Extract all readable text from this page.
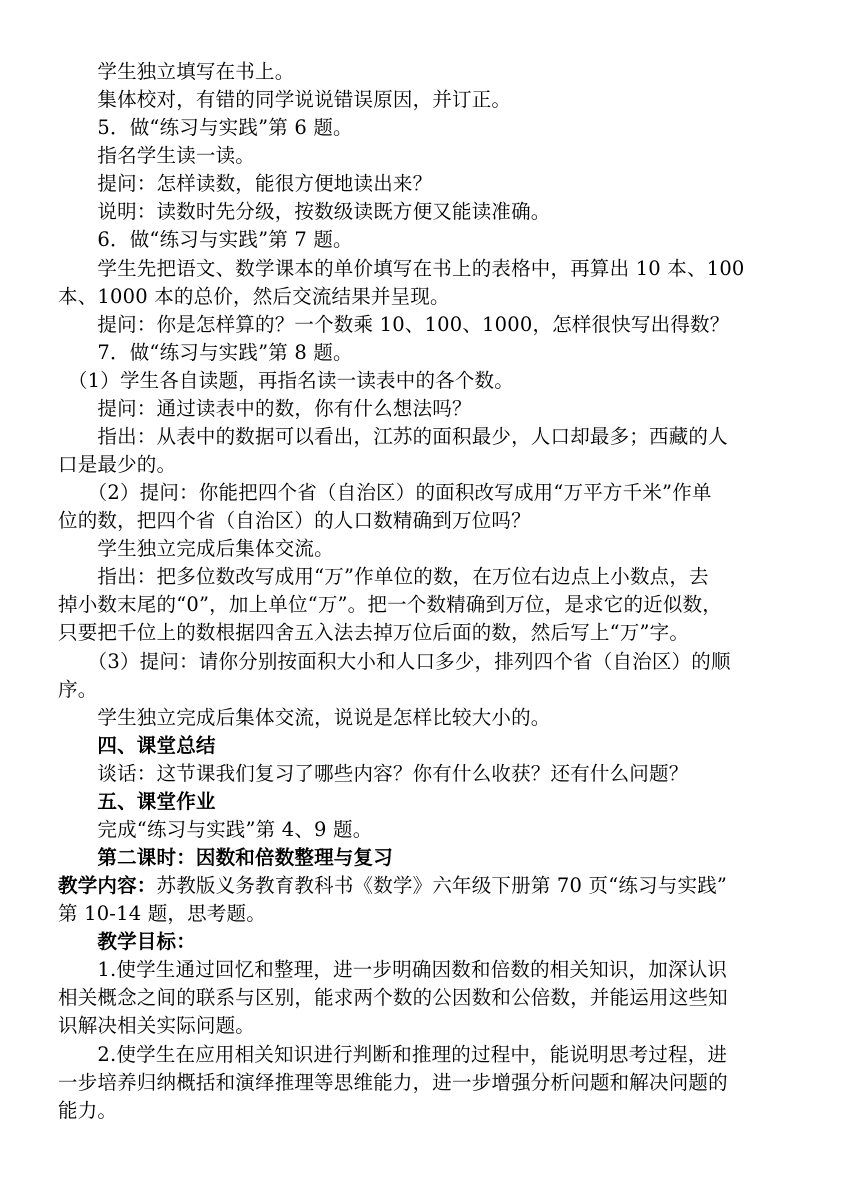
　　学生独立填写在书上。
　　集体校对，有错的同学说说错误原因，并订正。
　　5．做“练习与实践”第 6 题。
　　指名学生读一读。
　　提问：怎样读数，能很方便地读出来？
　　说明：读数时先分级，按数级读既方便又能读准确。
　　6．做“练习与实践”第 7 题。
　　学生先把语文、数学课本的单价填写在书上的表格中，再算出 10 本、100
本、1000 本的总价，然后交流结果并呈现。
　　提问：你是怎样算的？一个数乘 10、100、1000，怎样很快写出得数？
　　7．做“练习与实践”第 8 题。
　（1）学生各自读题，再指名读一读表中的各个数。
　　提问：通过读表中的数，你有什么想法吗？
　　指出：从表中的数据可以看出，江苏的面积最少，人口却最多；西藏的人
口是最少的。
　　（2）提问：你能把四个省（自治区）的面积改写成用“万平方千米”作单
位的数，把四个省（自治区）的人口数精确到万位吗？
　　学生独立完成后集体交流。
　　指出：把多位数改写成用“万”作单位的数，在万位右边点上小数点，去
掉小数末尾的“0”，加上单位“万”。把一个数精确到万位，是求它的近似数，
只要把千位上的数根据四舍五入法去掉万位后面的数，然后写上“万”字。
　　（3）提问：请你分别按面积大小和人口多少，排列四个省（自治区）的顺
序。
　　学生独立完成后集体交流，说说是怎样比较大小的。
　　四、课堂总结
　　谈话：这节课我们复习了哪些内容？你有什么收获？还有什么问题？
　　五、课堂作业
　　完成“练习与实践”第 4、9 题。
　　第二课时：因数和倍数整理与复习
教学内容：苏教版义务教育教科书《数学》六年级下册第 70 页“练习与实践”
第 10-14 题，思考题。
　　教学目标：
　　1.使学生通过回忆和整理，进一步明确因数和倍数的相关知识，加深认识
相关概念之间的联系与区别，能求两个数的公因数和公倍数，并能运用这些知
识解决相关实际问题。
　　2.使学生在应用相关知识进行判断和推理的过程中，能说明思考过程，进
一步培养归纳概括和演绎推理等思维能力，进一步增强分析问题和解决问题的
能力。
